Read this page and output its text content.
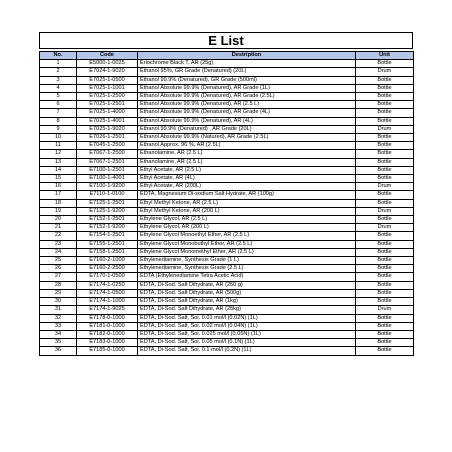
E List
No.	Code	Destription	Unit
1	E5000-1-0025	Eriochrome Black T, AR (25g)	Bottle
2	E7024-1-9020	Ethanol 95%, GR Grade (Denatured) (20L)	Drum
3	E7025-1-0500	Ethanol 99.9% (Denatured), GR Grade (500ml)	Bottle
4	E7025-1-1001	Ethanol Absolute 99.9% (Denatured), AR Grade (1L)	Bottle
5	E7025-1-2500	Ethanol Absolute 99.9% (Denatured), AR Grade (2.5L)	Bottle
6	E7025-1-2501	Ethanol Absolute 99.9% (Denatured), AR (2.5 L)	Bottle
7	E7025-1-4000	Ethanol Absolute 99.9% (Denatured), AR Grade (4L)	Bottle
8	E7025-1-4001	Ethanol Absolute 99.9% (Denatured), AR (4L)	Bottle
9	E7025-1-9020	Ethanol 99.9% (Denatured) , AR Grade (20L)	Drum
10	E7026-1-2501	Ethanol Absolute 99.9% (Natured), AR Grade (2.5L)	Bottle
11	E7045-1-2500	Ethanol Approx. 96 %, AR (2.5L)	Bottle
12	E7067-1-2500	Ethanolamine, AR (2.5 L)	Bottle
13	E7067-1-2501	Ethanolamine, AR (2.5 L)	Bottle
14	E7100-1-2501	Ethyl Acetate, AR (2.5 L)	Bottle
15	E7100-1-4001	Ethyl Acetate, AR (4L)	Bottle
16	E7100-1-9200	Ethyl Acetate, AR (200L)	Drum
17	E7110-1-0100	EDTA, Magnesium Di-sodium Salt Hydrate, AR (100g)	Bottle
18	E7125-1-2501	Ethyl Methyl Ketone, AR (2.5 L)	Bottle
19	E7125-1-9200	Ethyl Methyl Ketone, AR (200 L)	Drum
20	E7152-1-2501	Ethylene Glycol, AR (2.5 L)	Bottle
21	E7152-1-9200	Ethylene Glycol, AR (200 L)	Drum
22	E7154-1-2501	Ethylene Glycol Monoethyl Ether, AR (2.5 L)	Bottle
23	E7155-1-2501	Ethylene Glycol Monobuthyl Ether, AR (2.5 L)	Bottle
24	E7158-1-2501	Ethylene Glycol Monomethyl Ether, AR (2.5 L)	Bottle
25	E7160-2-1000	Ethylenediamine, Synthesis Grade (1 L)	Bottle
26	E7160-2-2500	Ethylenediamine, Synthesis Grade (2.5 L)	Bottle
27	E7170-1-0500	EDTA (Ethylenediamine Tetra Acetic Acid)	Bottle
28	E7174-1-0250	EDTA, Di-Sod. Salt Dihydrate, AR (250 g)	Bottle
29	E7174-1-0500	EDTA, Di-Sod. Salt Dihydrate, AR (500g)	Bottle
30	E7174-1-1000	EDTA, Di-Sod. Salt Dihydrate, AR (1kg)	Bottle
31	E7174-1-9025	EDTA, Di-Sod. Salt Dihydrate, AR (25kg)	Drum
32	E7178-0-1000	EDTA, Di-Sod. Salt, Sol. 0.01 mol/l (0.02N) (1L)	Bottle
33	E7181-0-1000	EDTA, Di-Sod. Salt, Sol. 0.02 mol/l (0.04N) (1L)	Bottle
34	E7182-0-1000	EDTA, Di-Sod. Salt, Sol. 0.025 mol/l (0.05N) (1L)	Bottle
35	E7183-0-1000	EDTA, Di-Sod. Salt, Sol. 0.05 mol/l (0.1N) (1L)	Bottle
36	E7185-0-1000	EDTA, Di-Sod. Salt, Sol. 0.1 mol/l (0.2N) (1L)	Bottle
